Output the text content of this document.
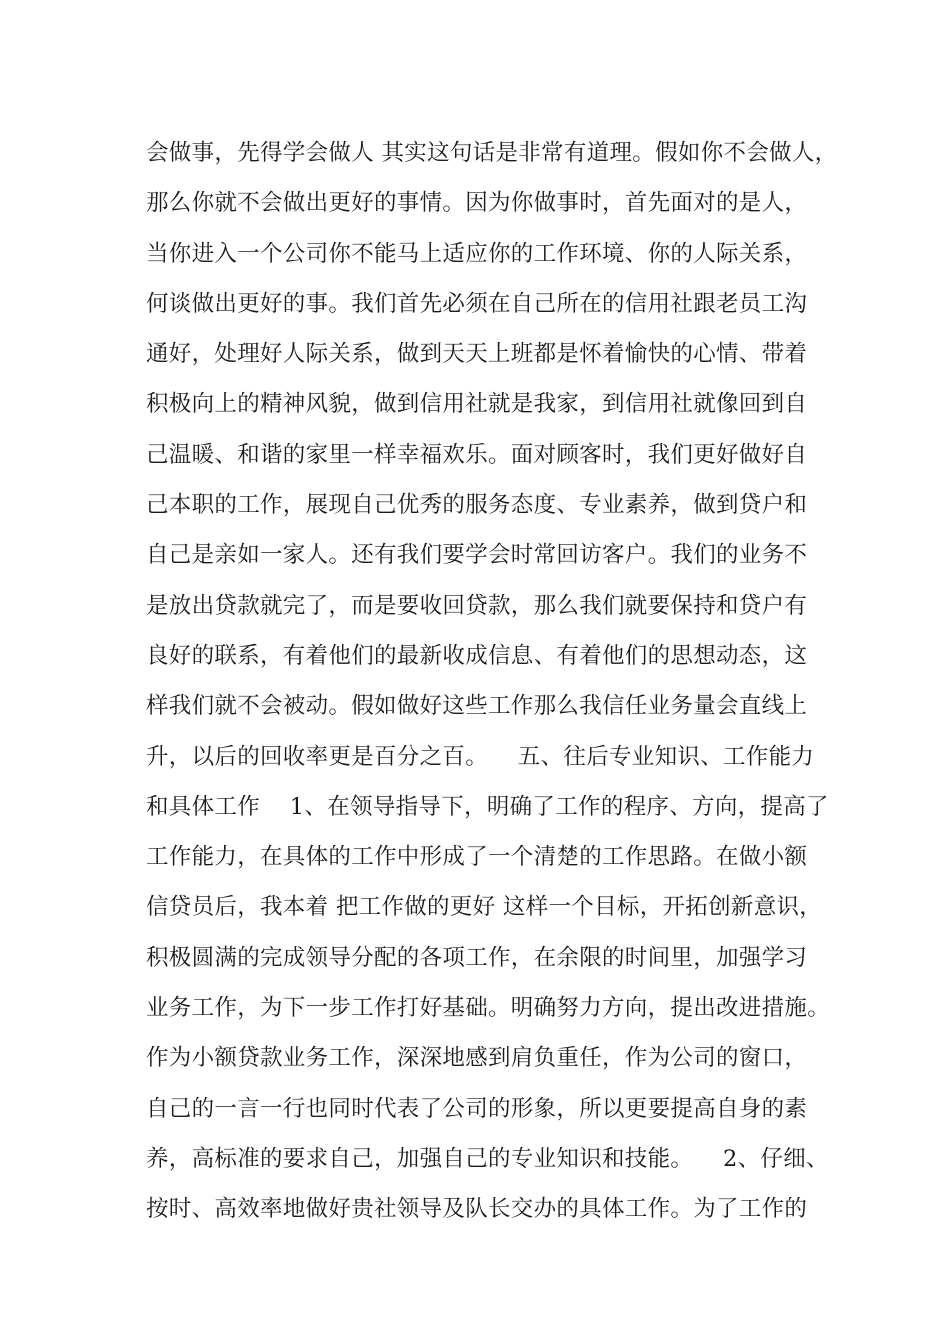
会做事，先得学会做人 其实这句话是非常有道理。假如你不会做人，
那么你就不会做出更好的事情。因为你做事时，首先面对的是人，
当你进入一个公司你不能马上适应你的工作环境、你的人际关系，
何谈做出更好的事。我们首先必须在自己所在的信用社跟老员工沟
通好，处理好人际关系，做到天天上班都是怀着愉快的心情、带着
积极向上的精神风貌，做到信用社就是我家，到信用社就像回到自
己温暖、和谐的家里一样幸福欢乐。面对顾客时，我们更好做好自
己本职的工作，展现自己优秀的服务态度、专业素养，做到贷户和
自己是亲如一家人。还有我们要学会时常回访客户。我们的业务不
是放出贷款就完了，而是要收回贷款，那么我们就要保持和贷户有
良好的联系，有着他们的最新收成信息、有着他们的思想动态，这
样我们就不会被动。假如做好这些工作那么我信任业务量会直线上
升，以后的回收率更是百分之百。    五、往后专业知识、工作能力
和具体工作    1、在领导指导下，明确了工作的程序、方向，提高了
工作能力，在具体的工作中形成了一个清楚的工作思路。在做小额
信贷员后，我本着 把工作做的更好 这样一个目标，开拓创新意识，
积极圆满的完成领导分配的各项工作，在余限的时间里，加强学习
业务工作，为下一步工作打好基础。明确努力方向，提出改进措施。
作为小额贷款业务工作，深深地感到肩负重任，作为公司的窗口，
自己的一言一行也同时代表了公司的形象，所以更要提高自身的素
养，高标准的要求自己，加强自己的专业知识和技能。    2、仔细、
按时、高效率地做好贵社领导及队长交办的具体工作。为了工作的
